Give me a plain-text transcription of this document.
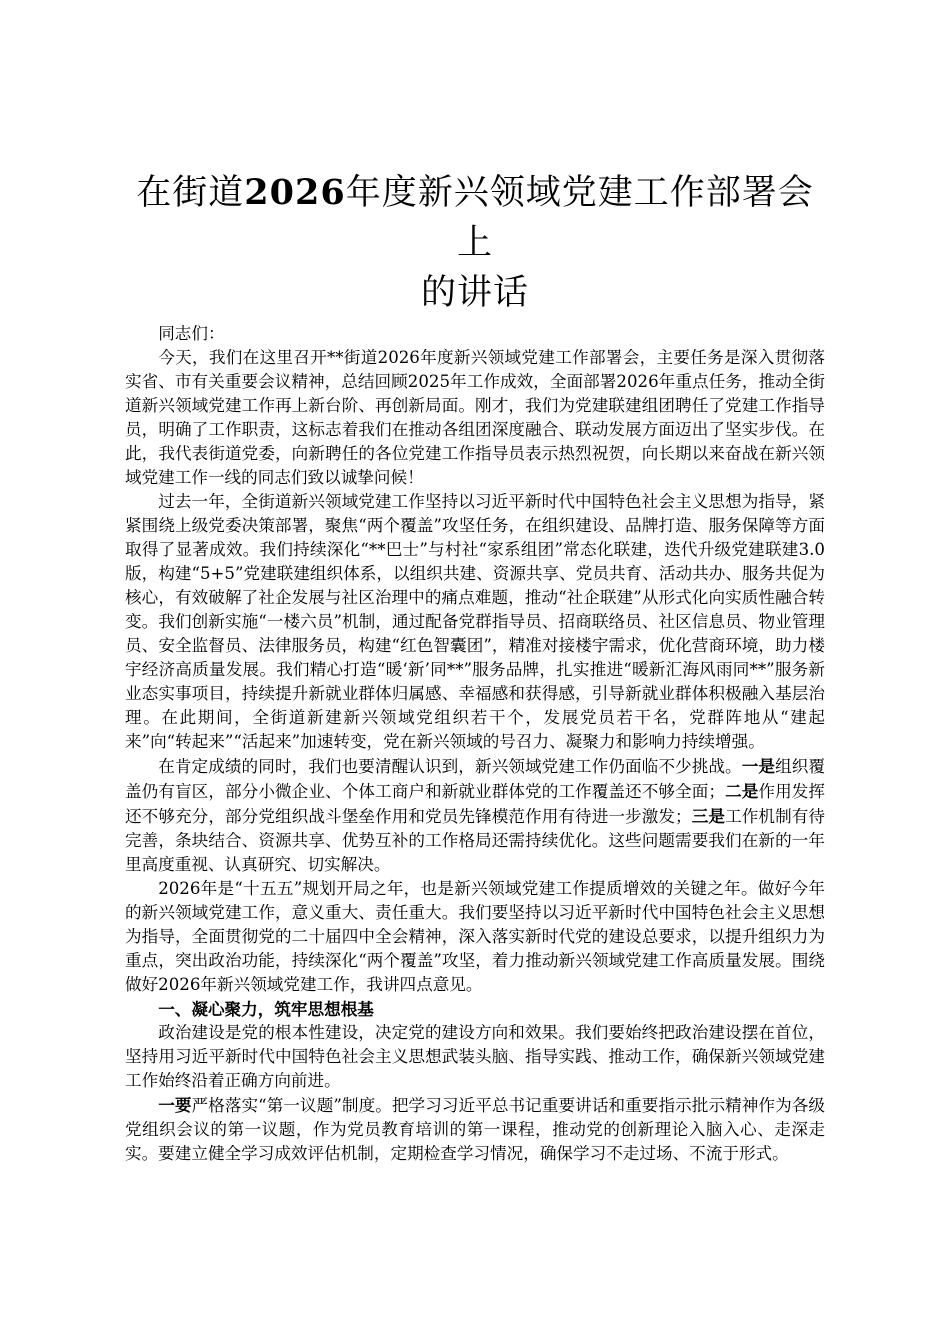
在街道2026年度新兴领域党建工作部署会上
的讲话

同志们：

今天，我们在这里召开**街道2026年度新兴领域党建工作部署会，主要任务是深入贯彻落实省、市有关重要会议精神，总结回顾2025年工作成效，全面部署2026年重点任务，推动全街道新兴领域党建工作再上新台阶、再创新局面。刚才，我们为党建联建组团聘任了党建工作指导员，明确了工作职责，这标志着我们在推动各组团深度融合、联动发展方面迈出了坚实步伐。在此，我代表街道党委，向新聘任的各位党建工作指导员表示热烈祝贺，向长期以来奋战在新兴领域党建工作一线的同志们致以诚挚问候！

过去一年，全街道新兴领域党建工作坚持以习近平新时代中国特色社会主义思想为指导，紧紧围绕上级党委决策部署，聚焦“两个覆盖”攻坚任务，在组织建设、品牌打造、服务保障等方面取得了显著成效。我们持续深化“**巴士”与村社“家系组团”常态化联建，迭代升级党建联建3.0版，构建“5+5”党建联建组织体系，以组织共建、资源共享、党员共育、活动共办、服务共促为核心，有效破解了社企发展与社区治理中的痛点难题，推动“社企联建”从形式化向实质性融合转变。我们创新实施“一楼六员”机制，通过配备党群指导员、招商联络员、社区信息员、物业管理员、安全监督员、法律服务员，构建“红色智囊团”，精准对接楼宇需求，优化营商环境，助力楼宇经济高质量发展。我们精心打造“暖‘新’同**”服务品牌，扎实推进“暖新汇海风雨同**”服务新业态实事项目，持续提升新就业群体归属感、幸福感和获得感，引导新就业群体积极融入基层治理。在此期间，全街道新建新兴领域党组织若干个，发展党员若干名，党群阵地从“建起来”向“转起来”“活起来”加速转变，党在新兴领域的号召力、凝聚力和影响力持续增强。

在肯定成绩的同时，我们也要清醒认识到，新兴领域党建工作仍面临不少挑战。一是组织覆盖仍有盲区，部分小微企业、个体工商户和新就业群体党的工作覆盖还不够全面；二是作用发挥还不够充分，部分党组织战斗堡垒作用和党员先锋模范作用有待进一步激发；三是工作机制有待完善，条块结合、资源共享、优势互补的工作格局还需持续优化。这些问题需要我们在新的一年里高度重视、认真研究、切实解决。

2026年是“十五五”规划开局之年，也是新兴领域党建工作提质增效的关键之年。做好今年的新兴领域党建工作，意义重大、责任重大。我们要坚持以习近平新时代中国特色社会主义思想为指导，全面贯彻党的二十届四中全会精神，深入落实新时代党的建设总要求，以提升组织力为重点，突出政治功能，持续深化“两个覆盖”攻坚，着力推动新兴领域党建工作高质量发展。围绕做好2026年新兴领域党建工作，我讲四点意见。

一、凝心聚力，筑牢思想根基

政治建设是党的根本性建设，决定党的建设方向和效果。我们要始终把政治建设摆在首位，坚持用习近平新时代中国特色社会主义思想武装头脑、指导实践、推动工作，确保新兴领域党建工作始终沿着正确方向前进。

一要严格落实“第一议题”制度。把学习习近平总书记重要讲话和重要指示批示精神作为各级党组织会议的第一议题，作为党员教育培训的第一课程，推动党的创新理论入脑入心、走深走实。要建立健全学习成效评估机制，定期检查学习情况，确保学习不走过场、不流于形式。
